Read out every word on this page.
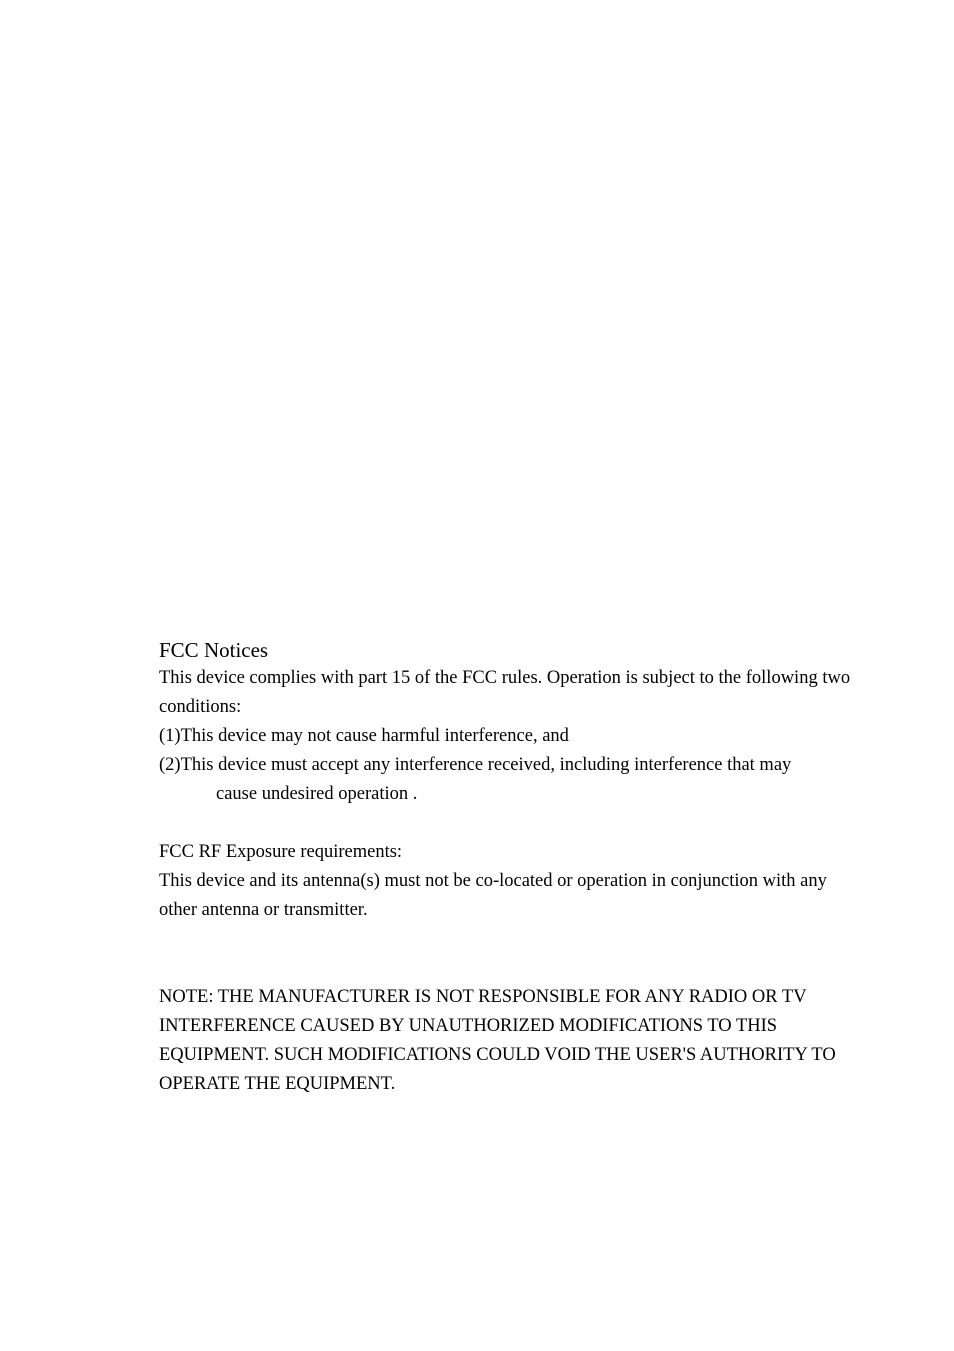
FCC Notices

This device complies with part 15 of the FCC rules. Operation is subject to the following two

conditions:

(1)This device may not cause harmful interference, and

(2)This device must accept any interference received, including interference that may

cause undesired operation .

FCC RF Exposure requirements:

This device and its antenna(s) must not be co-located or operation in conjunction with any

other antenna or transmitter.

NOTE: THE MANUFACTURER IS NOT RESPONSIBLE FOR ANY RADIO OR TV

INTERFERENCE CAUSED BY UNAUTHORIZED MODIFICATIONS TO THIS

EQUIPMENT. SUCH MODIFICATIONS COULD VOID THE USER'S AUTHORITY TO

OPERATE THE EQUIPMENT.
